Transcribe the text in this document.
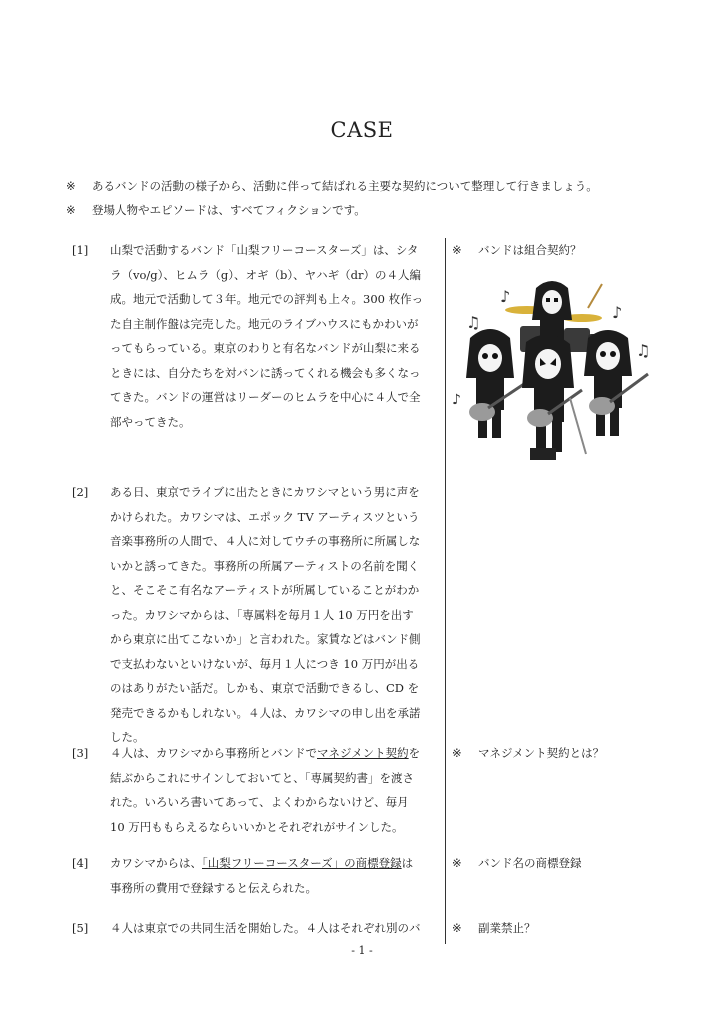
CASE
※	あるバンドの活動の様子から、活動に伴って結ばれる主要な契約について整理して行きましょう。
※	登場人物やエピソードは、すべてフィクションです。
[1]	山梨で活動するバンド「山梨フリーコースターズ」は、シタ
ラ（vo/g）、ヒムラ（g）、オギ（b）、ヤハギ（dr）の４人編
成。地元で活動して３年。地元での評判も上々。300 枚作っ
た自主制作盤は完売した。地元のライブハウスにもかわいが
ってもらっている。東京のわりと有名なバンドが山梨に来る
ときには、自分たちを対バンに誘ってくれる機会も多くなっ
てきた。バンドの運営はリーダーのヒムラを中心に４人で全
部やってきた。
[2]	ある日、東京でライブに出たときにカワシマという男に声を
かけられた。カワシマは、エポック TV アーティスツという
音楽事務所の人間で、４人に対してウチの事務所に所属しな
いかと誘ってきた。事務所の所属アーティストの名前を聞く
と、そこそこ有名なアーティストが所属していることがわか
った。カワシマからは、「専属料を毎月１人 10 万円を出す
から東京に出てこないか」と言われた。家賃などはバンド側
で支払わないといけないが、毎月１人につき 10 万円が出る
のはありがたい話だ。しかも、東京で活動できるし、CD を
発売できるかもしれない。４人は、カワシマの申し出を承諾
した。
[3]	４人は、カワシマから事務所とバンドでマネジメント契約を
結ぶからこれにサインしておいてと、「専属契約書」を渡さ
れた。いろいろ書いてあって、よくわからないけど、毎月
10 万円ももらえるならいいかとそれぞれがサインした。
[4]	カワシマからは、「山梨フリーコースターズ」の商標登録は
事務所の費用で登録すると伝えられた。
[5]	４人は東京での共同生活を開始した。４人はそれぞれ別のバ
※	バンドは組合契約？
※	マネジメント契約とは？
※	バンド名の商標登録
※	副業禁止？
♪
♫
♪
♫
♪
- 1 -
